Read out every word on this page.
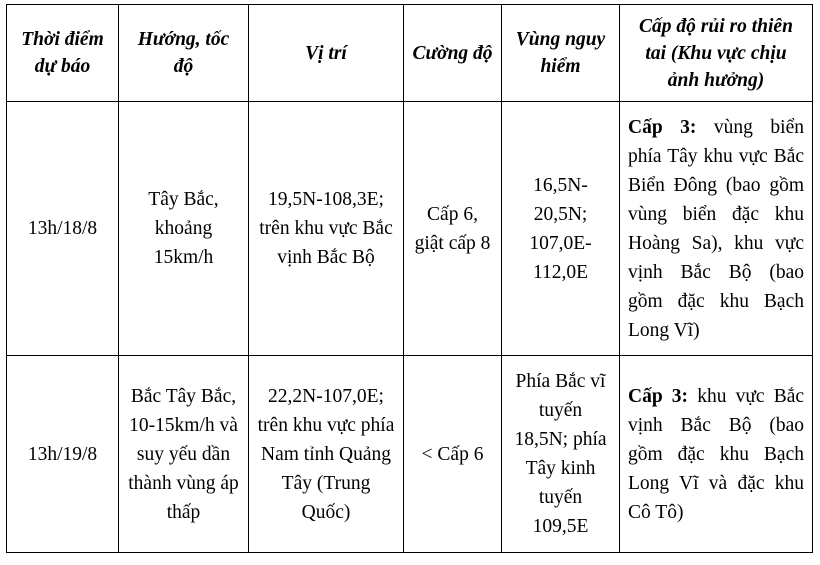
Thời điểm dự báo	Hướng, tốc độ	Vị trí	Cường độ	Vùng nguy hiểm	Cấp độ rủi ro thiên tai (Khu vực chịu ảnh hưởng)
13h/18/8	Tây Bắc, khoảng 15km/h	19,5N-108,3E; trên khu vực Bắc vịnh Bắc Bộ	Cấp 6, giật cấp 8	16,5N-20,5N; 107,0E-112,0E	Cấp 3: vùng biển phía Tây khu vực Bắc Biển Đông (bao gồm vùng biển đặc khu Hoàng Sa), khu vực vịnh Bắc Bộ (bao gồm đặc khu Bạch Long Vĩ)
13h/19/8	Bắc Tây Bắc, 10-15km/h và suy yếu dần thành vùng áp thấp	22,2N-107,0E; trên khu vực phía Nam tỉnh Quảng Tây (Trung Quốc)	< Cấp 6	Phía Bắc vĩ tuyến 18,5N; phía Tây kinh tuyến 109,5E	Cấp 3: khu vực Bắc vịnh Bắc Bộ (bao gồm đặc khu Bạch Long Vĩ và đặc khu Cô Tô)
